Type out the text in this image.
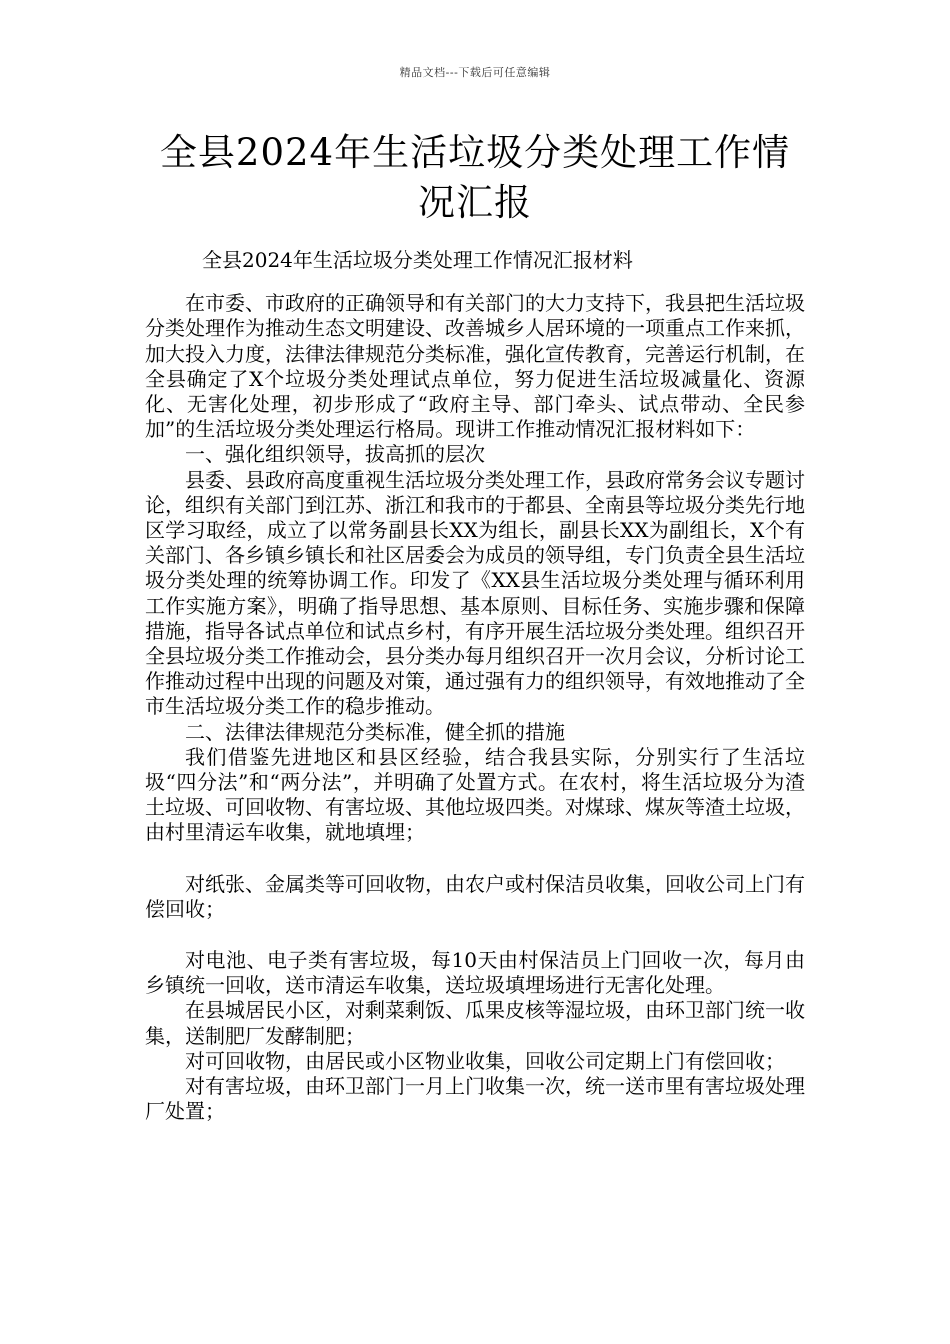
精品文档---下载后可任意编辑
全县2024年生活垃圾分类处理工作情况汇报

全县2024年生活垃圾分类处理工作情况汇报材料

在市委、市政府的正确领导和有关部门的大力支持下，我县把生活垃圾分类处理作为推动生态文明建设、改善城乡人居环境的一项重点工作来抓，加大投入力度，法律法律规范分类标准，强化宣传教育，完善运行机制，在全县确定了X个垃圾分类处理试点单位，努力促进生活垃圾减量化、资源化、无害化处理，初步形成了“政府主导、部门牵头、试点带动、全民参加”的生活垃圾分类处理运行格局。现讲工作推动情况汇报材料如下：

一、强化组织领导，拔高抓的层次

县委、县政府高度重视生活垃圾分类处理工作，县政府常务会议专题讨论，组织有关部门到江苏、浙江和我市的于都县、全南县等垃圾分类先行地区学习取经，成立了以常务副县长XX为组长，副县长XX为副组长，X个有关部门、各乡镇乡镇长和社区居委会为成员的领导组，专门负责全县生活垃圾分类处理的统筹协调工作。印发了《XX县生活垃圾分类处理与循环利用工作实施方案》，明确了指导思想、基本原则、目标任务、实施步骤和保障措施，指导各试点单位和试点乡村，有序开展生活垃圾分类处理。组织召开全县垃圾分类工作推动会，县分类办每月组织召开一次月会议，分析讨论工作推动过程中出现的问题及对策，通过强有力的组织领导，有效地推动了全市生活垃圾分类工作的稳步推动。

二、法律法律规范分类标准，健全抓的措施

我们借鉴先进地区和县区经验，结合我县实际，分别实行了生活垃圾“四分法”和“两分法”，并明确了处置方式。在农村，将生活垃圾分为渣土垃圾、可回收物、有害垃圾、其他垃圾四类。对煤球、煤灰等渣土垃圾，由村里清运车收集，就地填埋；

对纸张、金属类等可回收物，由农户或村保洁员收集，回收公司上门有偿回收；

对电池、电子类有害垃圾，每10天由村保洁员上门回收一次，每月由乡镇统一回收，送市清运车收集，送垃圾填埋场进行无害化处理。

在县城居民小区，对剩菜剩饭、瓜果皮核等湿垃圾，由环卫部门统一收集，送制肥厂发酵制肥；

对可回收物，由居民或小区物业收集，回收公司定期上门有偿回收；

对有害垃圾，由环卫部门一月上门收集一次，统一送市里有害垃圾处理厂处置；
